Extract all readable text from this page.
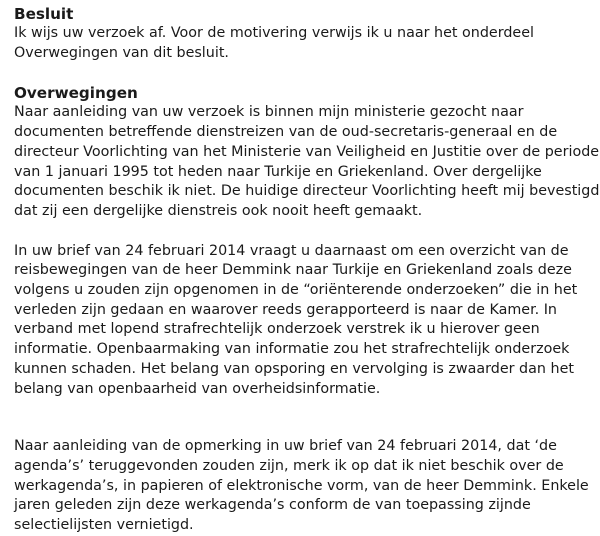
Besluit

Ik wijs uw verzoek af. Voor de motivering verwijs ik u naar het onderdeel

Overwegingen van dit besluit.

Overwegingen

Naar aanleiding van uw verzoek is binnen mijn ministerie gezocht naar

documenten betreffende dienstreizen van de oud-secretaris-generaal en de

directeur Voorlichting van het Ministerie van Veiligheid en Justitie over de periode

van 1 januari 1995 tot heden naar Turkije en Griekenland. Over dergelijke

documenten beschik ik niet. De huidige directeur Voorlichting heeft mij bevestigd

dat zij een dergelijke dienstreis ook nooit heeft gemaakt.

In uw brief van 24 februari 2014 vraagt u daarnaast om een overzicht van de

reisbewegingen van de heer Demmink naar Turkije en Griekenland zoals deze

volgens u zouden zijn opgenomen in de “oriënterende onderzoeken” die in het

verleden zijn gedaan en waarover reeds gerapporteerd is naar de Kamer. In

verband met lopend strafrechtelijk onderzoek verstrek ik u hierover geen

informatie. Openbaarmaking van informatie zou het strafrechtelijk onderzoek

kunnen schaden. Het belang van opsporing en vervolging is zwaarder dan het

belang van openbaarheid van overheidsinformatie.

Naar aanleiding van de opmerking in uw brief van 24 februari 2014, dat ‘de

agenda’s’ teruggevonden zouden zijn, merk ik op dat ik niet beschik over de

werkagenda’s, in papieren of elektronische vorm, van de heer Demmink. Enkele

jaren geleden zijn deze werkagenda’s conform de van toepassing zijnde

selectielijsten vernietigd.
